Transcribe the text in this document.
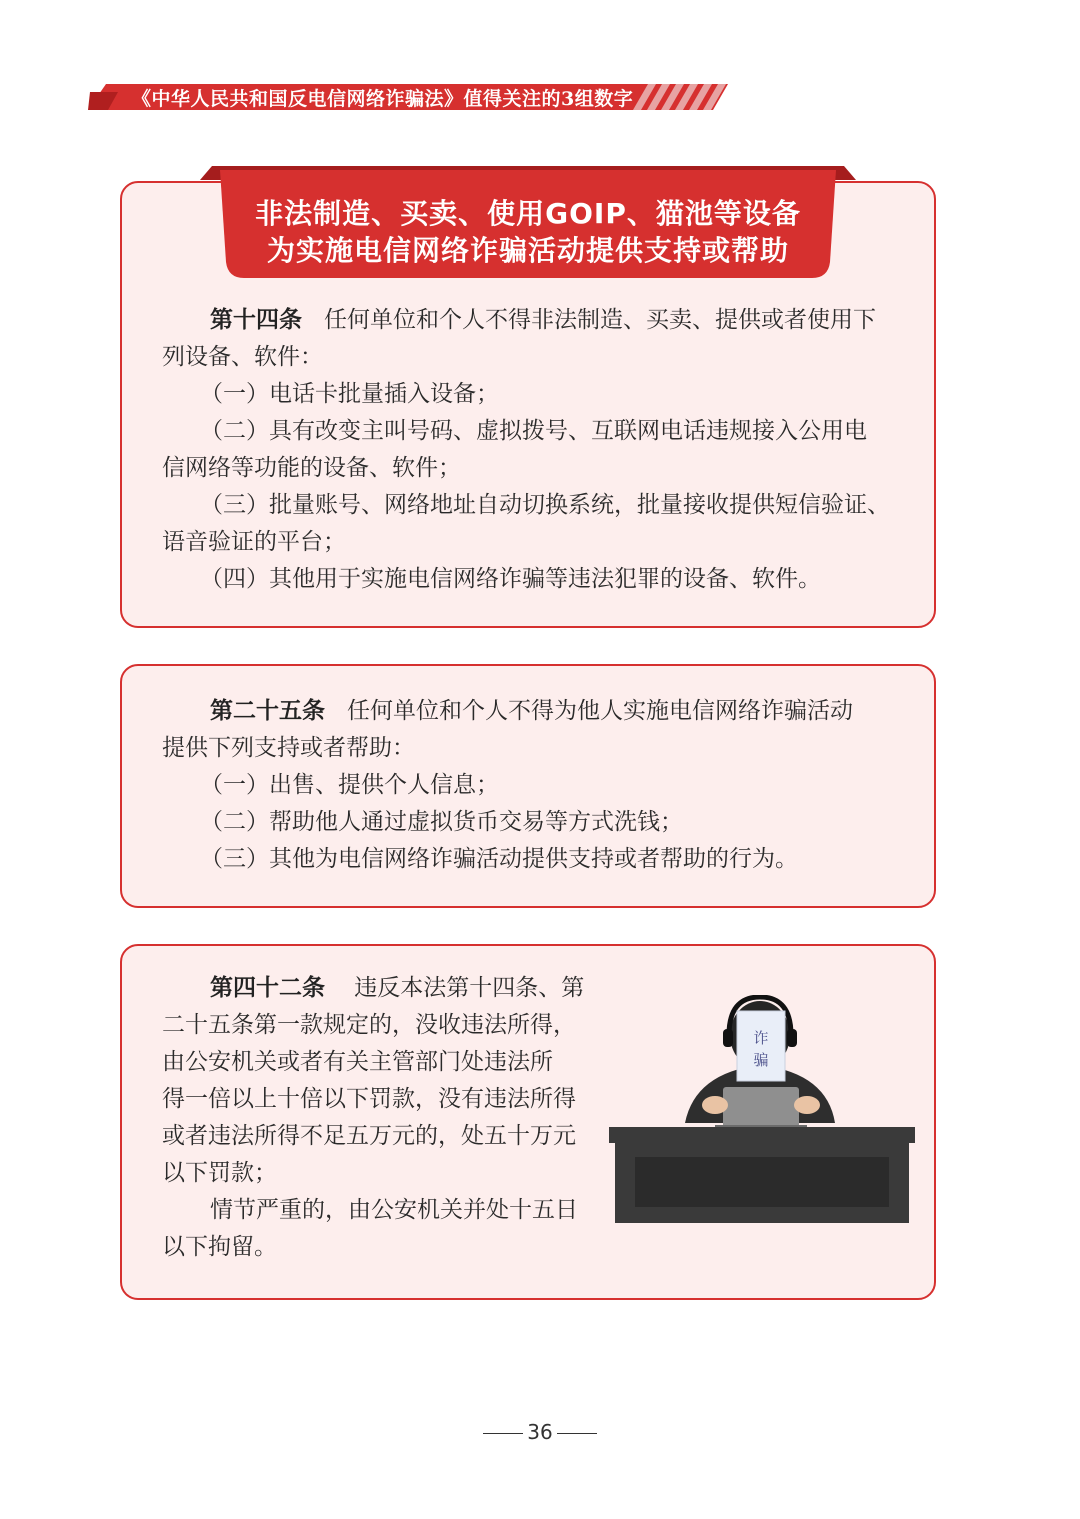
《中华人民共和国反电信网络诈骗法》值得关注的3组数字
非法制造、买卖、使用GOIP、猫池等设备
为实施电信网络诈骗活动提供支持或帮助
第十四条 任何单位和个人不得非法制造、买卖、提供或者使用下
列设备、软件：
（一）电话卡批量插入设备；
（二）具有改变主叫号码、虚拟拨号、互联网电话违规接入公用电
信网络等功能的设备、软件；
（三）批量账号、网络地址自动切换系统，批量接收提供短信验证、
语音验证的平台；
（四）其他用于实施电信网络诈骗等违法犯罪的设备、软件。
第二十五条 任何单位和个人不得为他人实施电信网络诈骗活动
提供下列支持或者帮助：
（一）出售、提供个人信息；
（二）帮助他人通过虚拟货币交易等方式洗钱；
（三）其他为电信网络诈骗活动提供支持或者帮助的行为。
第四十二条 违反本法第十四条、第
二十五条第一款规定的，没收违法所得，
由公安机关或者有关主管部门处违法所
得一倍以上十倍以下罚款，没有违法所得
或者违法所得不足五万元的，处五十万元
以下罚款；
情节严重的，由公安机关并处十五日
以下拘留。
诈
骗
36
